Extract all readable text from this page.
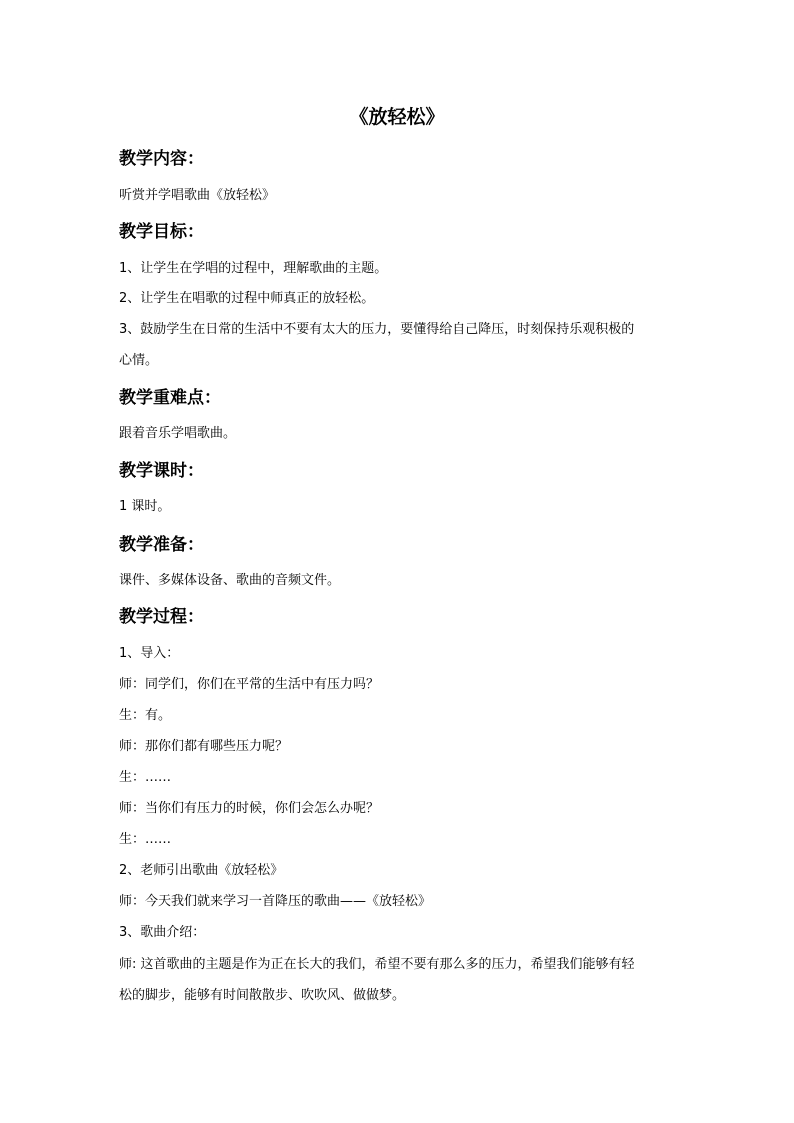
《放轻松》
教学内容：
听赏并学唱歌曲《放轻松》
教学目标：
1、让学生在学唱的过程中，理解歌曲的主题。
2、让学生在唱歌的过程中师真正的放轻松。
3、鼓励学生在日常的生活中不要有太大的压力，要懂得给自己降压，时刻保持乐观积极的
心情。
教学重难点：
跟着音乐学唱歌曲。
教学课时：
1 课时。
教学准备：
课件、多媒体设备、歌曲的音频文件。
教学过程：
1、导入：
师：同学们，你们在平常的生活中有压力吗？
生：有。
师：那你们都有哪些压力呢？
生：……
师：当你们有压力的时候，你们会怎么办呢？
生：……
2、老师引出歌曲《放轻松》
师：今天我们就来学习一首降压的歌曲——《放轻松》
3、歌曲介绍：
师: 这首歌曲的主题是作为正在长大的我们，希望不要有那么多的压力，希望我们能够有轻
松的脚步，能够有时间散散步、吹吹风、做做梦。
